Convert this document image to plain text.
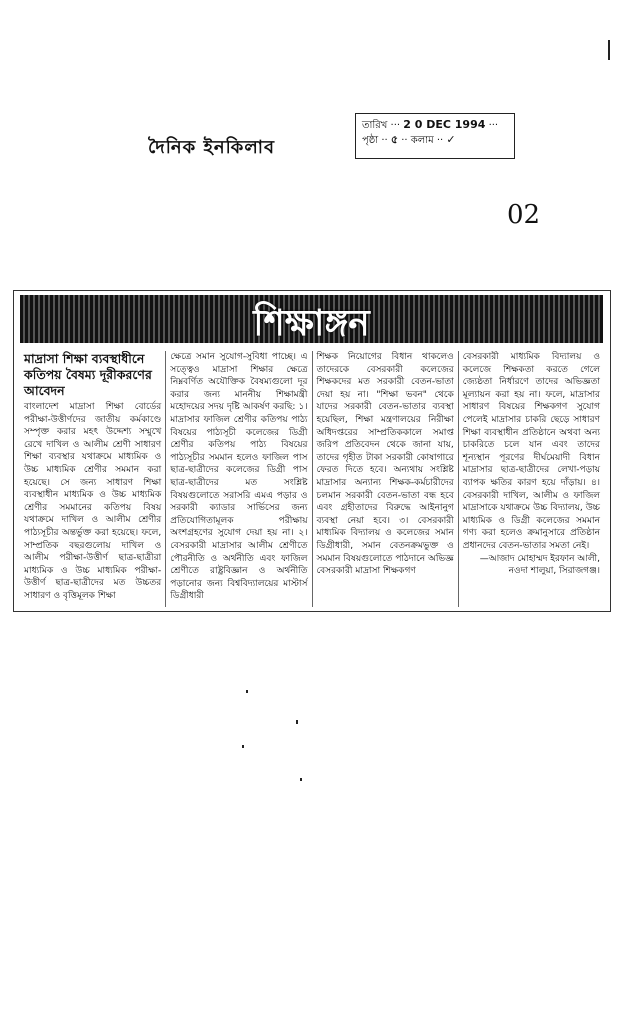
দৈনিক ইনকিলাব
তারিখ ··· 2 0 DEC 1994 ···
পৃষ্ঠা ·· ৫ ·· কলাম ·· ✓
02
শিক্ষাঙ্গন
মাদ্রাসা শিক্ষা ব্যবস্থাধীনে কতিপয় বৈষম্য দূরীকরণের আবেদন
বাংলাদেশ মাদ্রাসা শিক্ষা বোর্ডের পরীক্ষা-উত্তীর্ণদের জাতীয় কর্মকাণ্ডে সম্পৃক্ত করার মহৎ উদ্দেশ্য সম্মুখে রেখে দাখিল ও আলীম শ্রেণী সাধারণ শিক্ষা ব্যবস্থার যথাক্রমে মাধ্যমিক ও উচ্চ মাধ্যমিক শ্রেণীর সমমান করা হয়েছে। সে জন্য সাধারণ শিক্ষা ব্যবস্থাধীন মাধ্যমিক ও উচ্চ মাধ্যমিক শ্রেণীর সমমানের কতিপয় বিষয় যথাক্রমে দাখিল ও আলীম শ্রেণীর পাঠ্যসূচীর অন্তর্ভুক্ত করা হয়েছে। ফলে, সাম্প্রতিক বছরগুলোয় দাখিল ও আলীম পরীক্ষা-উত্তীর্ণ ছাত্র-ছাত্রীরা মাধ্যমিক ও উচ্চ মাধ্যমিক পরীক্ষা-উত্তীর্ণ ছাত্র-ছাত্রীদের মত উচ্চতর সাধারণ ও বৃত্তিমূলক শিক্ষা
ক্ষেত্রে সমান সুযোগ-সুবিধা পাচ্ছে। এ সত্ত্বেও মাদ্রাসা শিক্ষার ক্ষেত্রে নিম্নবর্ণিত অযৌক্তিক বৈষম্যগুলো দূর করার জন্য মাননীয় শিক্ষামন্ত্রী মহোদয়ের সদয় দৃষ্টি আকর্ষণ করছি: ১। মাদ্রাসার ফাজিল শ্রেণীর কতিপয় পাঠ্য বিষয়ের পাঠ্যসূচী কলেজের ডিগ্রী শ্রেণীর কতিপয় পাঠ্য বিষয়ের পাঠ্যসূচীর সমমান হলেও ফাজিল পাস ছাত্র-ছাত্রীদের কলেজের ডিগ্রী পাস ছাত্র-ছাত্রীদের মত সংশ্লিষ্ট বিষয়গুলোতে সরাসরি এমএ পড়ার ও সরকারী ক্যাডার সার্ভিসের জন্য প্রতিযোগিতামূলক পরীক্ষায় অংশগ্রহণের সুযোগ দেয়া হয় না। ২। বেসরকারী মাদ্রাসার আলীম শ্রেণীতে পৌরনীতি ও অর্থনীতি এবং ফাজিল শ্রেণীতে রাষ্ট্রবিজ্ঞান ও অর্থনীতি পড়ানোর জন্য বিশ্ববিদ্যালয়ের মাস্টার্স ডিগ্রীধারী
শিক্ষক নিয়োগের বিধান থাকলেও তাদেরকে বেসরকারী কলেজের শিক্ষকদের মত সরকারী বেতন-ভাতা দেয়া হয় না। "শিক্ষা ভবন" থেকে যাদের সরকারী বেতন-ভাতার ব্যবস্থা হয়েছিল, শিক্ষা মন্ত্রণালয়ের নিরীক্ষা অধিদপ্তরের সাম্প্রতিককালে সমাপ্ত জরিপ প্রতিবেদন থেকে জানা যায়, তাদের গৃহীত টাকা সরকারী কোষাগারে ফেরত দিতে হবে। অন্যথায় সংশ্লিষ্ট মাদ্রাসার অন্যান্য শিক্ষক-কর্মচারীদের চলমান সরকারী বেতন-ভাতা বন্ধ হবে এবং গ্রহীতাদের বিরুদ্ধে আইনানুগ ব্যবস্থা নেয়া হবে। ৩। বেসরকারী মাধ্যমিক বিদ্যালয় ও কলেজের সমান ডিগ্রীধারী, সমান বেতনক্রমভুক্ত ও সমমান বিষয়গুলোতে পাঠদানে অভিজ্ঞ বেসরকারী মাদ্রাসা শিক্ষকগণ
বেসরকারী মাধ্যমিক বিদ্যালয় ও কলেজে শিক্ষকতা করতে গেলে জ্যেষ্ঠতা নির্ধারণে তাদের অভিজ্ঞতা মূল্যায়ন করা হয় না। ফলে, মাদ্রাসার সাধারণ বিষয়ের শিক্ষকগণ সুযোগ পেলেই মাদ্রাসার চাকরি ছেড়ে সাধারণ শিক্ষা ব্যবস্থাধীন প্রতিষ্ঠানে অথবা অন্য চাকরিতে চলে যান এবং তাদের শূন্যস্থান পূরণের দীর্ঘমেয়াদী বিধান মাদ্রাসার ছাত্র-ছাত্রীদের লেখা-পড়ায় ব্যাপক ক্ষতির কারণ হয়ে দাঁড়ায়। ৪। বেসরকারী দাখিল, আলীম ও ফাজিল মাদ্রাসাকে যথাক্রমে উচ্চ বিদ্যালয়, উচ্চ মাধ্যমিক ও ডিগ্রী কলেজের সমমান গণ্য করা হলেও ক্রমানুসারে প্রতিষ্ঠান প্রধানদের বেতন-ভাতার সমতা নেই।
—আজাদ মোহাম্মদ ইরফান আলী, নওদা শালুয়া, সিরাজগঞ্জ।
